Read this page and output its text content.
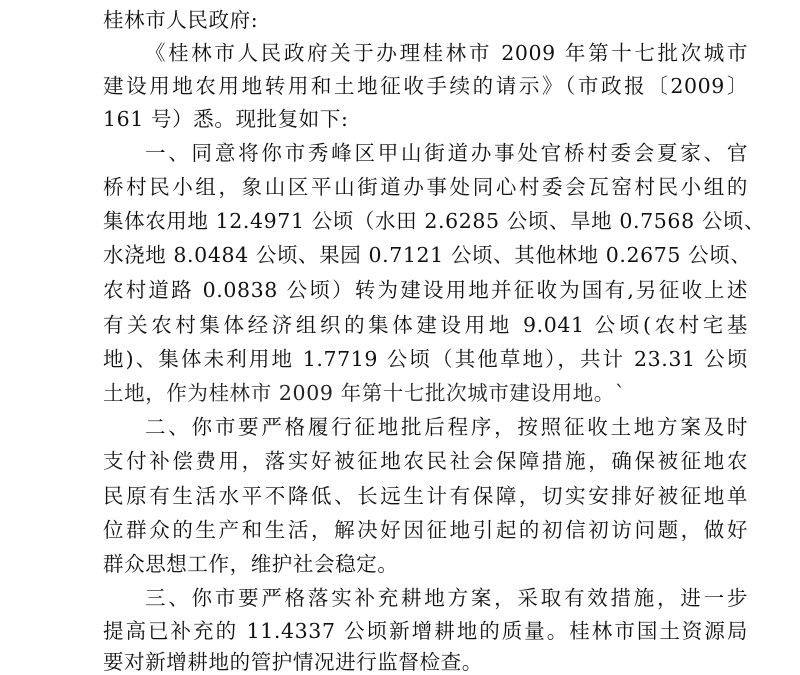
桂林市人民政府:
《桂林市人民政府关于办理桂林市 2009 年第十七批次城市
建设用地农用地转用和土地征收手续的请示》（市政报〔2009〕
161 号）悉。现批复如下:
一、同意将你市秀峰区甲山街道办事处官桥村委会夏家、官
桥村民小组，象山区平山街道办事处同心村委会瓦窑村民小组的
集体农用地 12.4971 公顷（水田 2.6285 公顷、旱地 0.7568 公顷、
水浇地 8.0484 公顷、果园 0.7121 公顷、其他林地 0.2675 公顷、
农村道路 0.0838 公顷）转为建设用地并征收为国有,另征收上述
有关农村集体经济组织的集体建设用地 9.041 公顷(农村宅基
地)、集体未利用地 1.7719 公顷（其他草地），共计 23.31 公顷
土地，作为桂林市 2009 年第十七批次城市建设用地。`
二、你市要严格履行征地批后程序，按照征收土地方案及时
支付补偿费用，落实好被征地农民社会保障措施，确保被征地农
民原有生活水平不降低、长远生计有保障，切实安排好被征地单
位群众的生产和生活，解决好因征地引起的初信初访问题，做好
群众思想工作，维护社会稳定。
三、你市要严格落实补充耕地方案，采取有效措施，进一步
提高已补充的 11.4337 公顷新增耕地的质量。桂林市国土资源局
要对新增耕地的管护情况进行监督检查。
